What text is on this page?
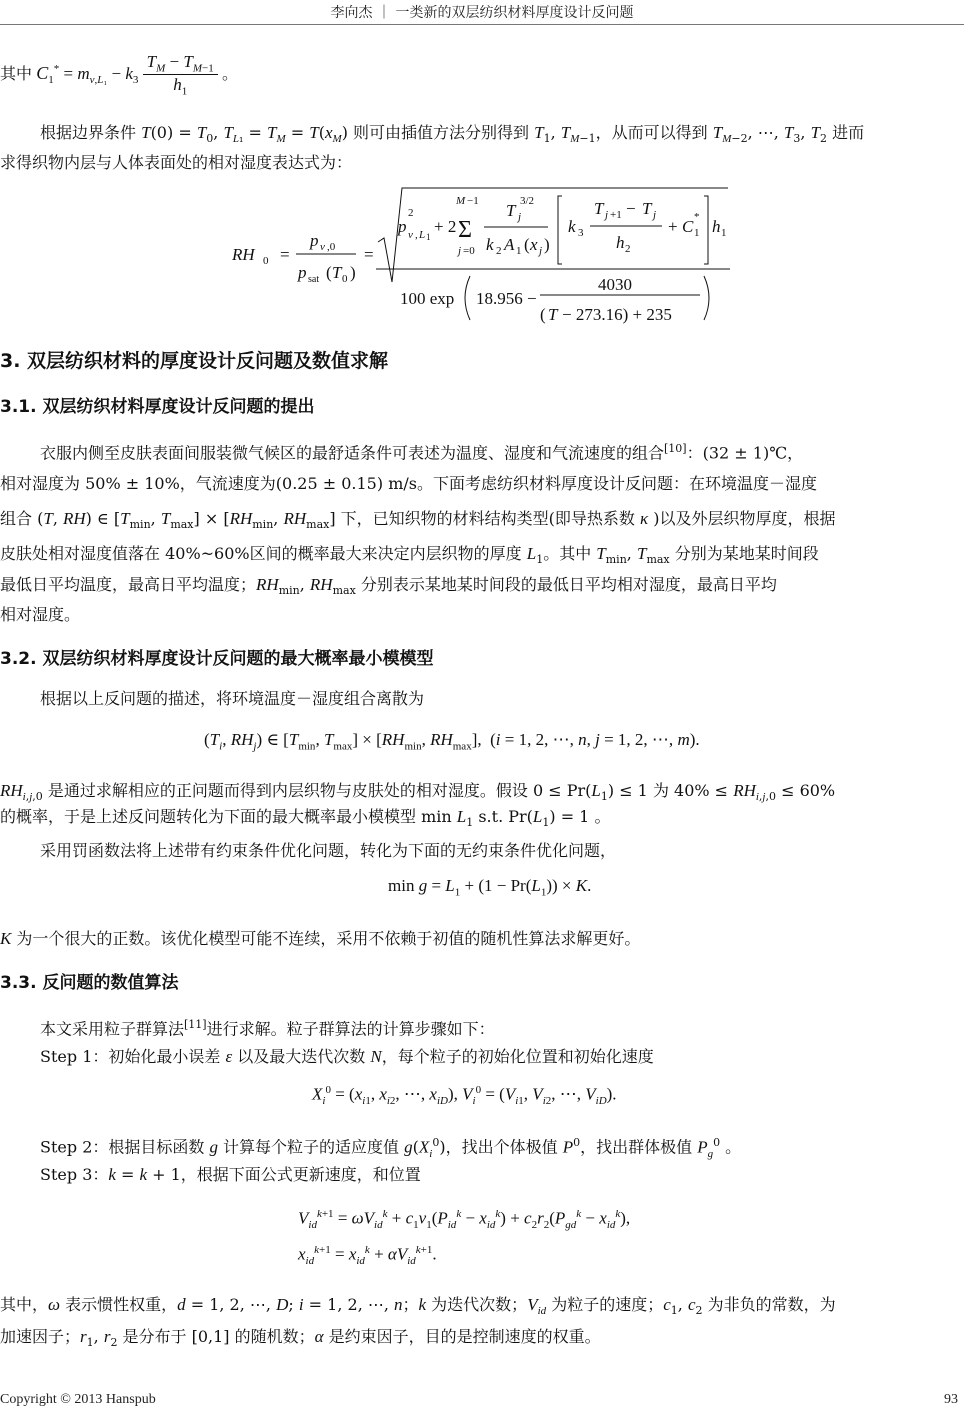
李向杰 ｜ 一类新的双层纺织材料厚度设计反问题
其中 $C_1^* = m_{v,L_1} - k_3 \frac{T_M - T_{M-1}}{h_1}$ 。
根据边界条件 $T(0) = T_0$, $T_{L_1} = T_M = T(x_M)$ 则可由插值方法分别得到 $T_1$, $T_{M-1}$，从而可以得到 $T_{M-2}$, ⋯, $T_3$, $T_2$ 进而
求得织物内层与人体表面处的相对湿度表达式为：
RH 0 =
p v ,0
p sat ( T 0 )
=
p
2
v , L 1
+ 2
M −1
Σ
j =0
T j
3/2
k 2 A 1 ( x j )
k 3
T j +1 − T j
h 2
+ C *
1 h 1
100 exp 18.956 −
4030
( T − 273.16) + 235
3. 双层纺织材料的厚度设计反问题及数值求解
3.1. 双层纺织材料厚度设计反问题的提出
衣服内侧至皮肤表面间服装微气候区的最舒适条件可表述为温度、湿度和气流速度的组合[10]：(32 ± 1)℃，
相对湿度为 50% ± 10%，气流速度为(0.25 ± 0.15) m/s。下面考虑纺织材料厚度设计反问题：在环境温度－湿度
组合 (T, RH) ∈ [$T_{min}$, $T_{max}] \times [RH_{min}$, $RH_{max}$] 下，已知织物的材料结构类型(即导热系数 κ )以及外层织物厚度，根据
皮肤处相对湿度值落在 40%~60%区间的概率最大来决定内层织物的厚度 $L_1$。其中 $T_{min}$, $T_{max}$ 分别为某地某时间段
最低日平均温度，最高日平均温度；$RH_{min}$, $RH_{max}$ 分别表示某地某时间段的最低日平均相对湿度，最高日平均
相对湿度。
3.2. 双层纺织材料厚度设计反问题的最大概率最小模模型
根据以上反问题的描述，将环境温度－湿度组合离散为
($T_i$, $RH_j$) ∈ [$T_{min}$, $T_{max}] \times [RH_{min}$, $RH_{max}$],  (i = 1, 2, ⋯, n, j = 1, 2, ⋯, m).
$RH_{i,j,0}$ 是通过求解相应的正问题而得到内层织物与皮肤处的相对湿度。假设 $0 \le Pr(L_1) \le 1$ 为 $40\% \le RH_{i,j,0} \le 60\%$
的概率，于是上述反问题转化为下面的最大概率最小模模型 $\min L_1$ s.t. $Pr(L_1) = 1$ 。
采用罚函数法将上述带有约束条件优化问题，转化为下面的无约束条件优化问题，
$\min g = L_1 + (1 - Pr(L_1)) \times K$.
K 为一个很大的正数。该优化模型可能不连续，采用不依赖于初值的随机性算法求解更好。
3.3. 反问题的数值算法
本文采用粒子群算法[11]进行求解。粒子群算法的计算步骤如下：
Step 1：初始化最小误差 ε 以及最大迭代次数 N，每个粒子的初始化位置和初始化速度
$X_i^0 = (x_{i1}$, $x_{i2}$, ⋯, $x_{iD}$), $V_i^0 = (V_{i1}$, $V_{i2}$, ⋯, $V_{iD}$).
Step 2：根据目标函数 g 计算每个粒子的适应度值 $g(X_i^0)$，找出个体极值 $P^0$，找出群体极值 $P_g^0$ 。
Step 3：k = k + 1，根据下面公式更新速度，和位置
$V_{id}^{k+1} = \omega V_{id}^k + c_1v_1(P_{id}^k - x_{id}^k) + c_2r_2(P_{gd}^k - x_{id}^k)$,
$x_{id}^{k+1} = x_{id}^k + \alpha V_{id}^{k+1}$.
其中，ω 表示惯性权重，d = 1, 2, ⋯, D; i = 1, 2, ⋯, n；k 为迭代次数；$V_{id}$ 为粒子的速度；$c_1$, $c_2$ 为非负的常数，为
加速因子；$r_1$, $r_2$ 是分布于 [0,1] 的随机数；α 是约束因子，目的是控制速度的权重。
Copyright © 2013 Hanspub	93
